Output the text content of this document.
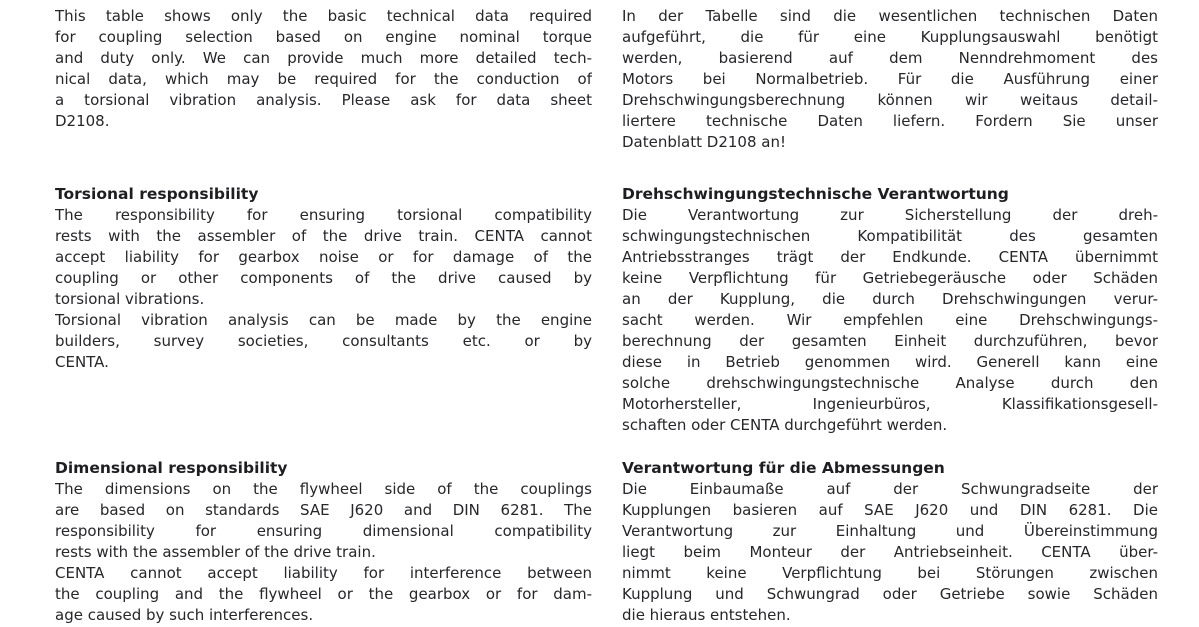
This table shows only the basic technical data required
for coupling selection based on engine nominal torque
and duty only. We can provide much more detailed tech-
nical data, which may be required for the conduction of
a torsional vibration analysis. Please ask for data sheet
D2108.
Torsional responsibility
The responsibility for ensuring torsional compatibility
rests with the assembler of the drive train. CENTA cannot
accept liability for gearbox noise or for damage of the
coupling or other components of the drive caused by
torsional vibrations.
Torsional vibration analysis can be made by the engine
builders, survey societies, consultants etc. or by
CENTA.
Dimensional responsibility
The dimensions on the flywheel side of the couplings
are based on standards SAE J620 and DIN 6281. The
responsibility for ensuring dimensional compatibility
rests with the assembler of the drive train.
CENTA cannot accept liability for interference between
the coupling and the flywheel or the gearbox or for dam-
age caused by such interferences.
In der Tabelle sind die wesentlichen technischen Daten
aufgeführt, die für eine Kupplungsauswahl benötigt
werden, basierend auf dem Nenndrehmoment des
Motors bei Normalbetrieb. Für die Ausführung einer
Drehschwingungsberechnung können wir weitaus detail-
liertere technische Daten liefern. Fordern Sie unser
Datenblatt D2108 an!
Drehschwingungstechnische Verantwortung
Die Verantwortung zur Sicherstellung der dreh-
schwingungstechnischen Kompatibilität des gesamten
Antriebsstranges trägt der Endkunde. CENTA übernimmt
keine Verpflichtung für Getriebegeräusche oder Schäden
an der Kupplung, die durch Drehschwingungen verur-
sacht werden. Wir empfehlen eine Drehschwingungs-
berechnung der gesamten Einheit durchzuführen, bevor
diese in Betrieb genommen wird. Generell kann eine
solche drehschwingungstechnische Analyse durch den
Motorhersteller, Ingenieurbüros, Klassifikationsgesell-
schaften oder CENTA durchgeführt werden.
Verantwortung für die Abmessungen
Die Einbaumaße auf der Schwungradseite der
Kupplungen basieren auf SAE J620 und DIN 6281. Die
Verantwortung zur Einhaltung und Übereinstimmung
liegt beim Monteur der Antriebseinheit. CENTA über-
nimmt keine Verpflichtung bei Störungen zwischen
Kupplung und Schwungrad oder Getriebe sowie Schäden
die hieraus entstehen.
